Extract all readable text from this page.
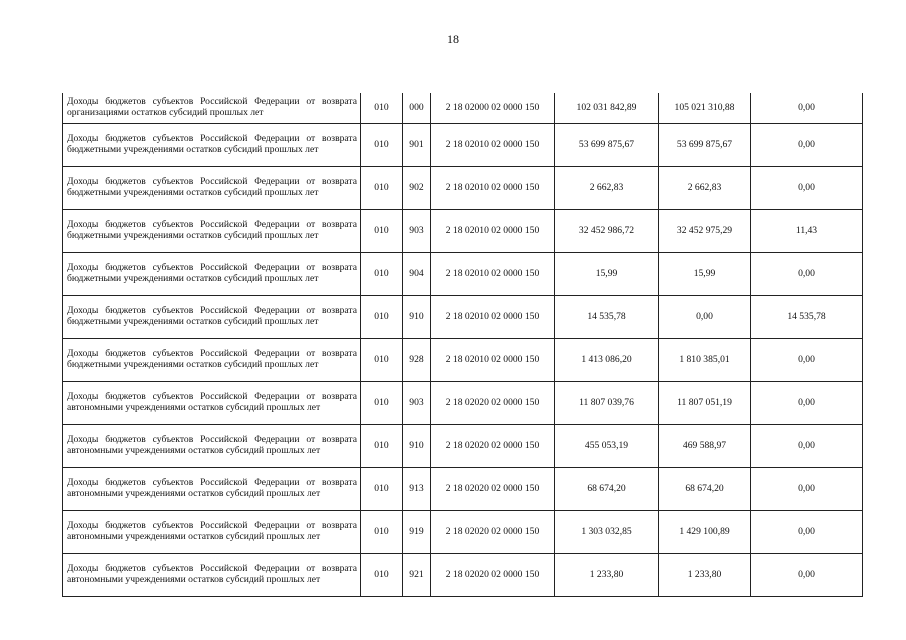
18
Доходы бюджетов субъектов Российской Федерации от возврата организациями остатков субсидий прошлых лет	010	000	2 18 02000 02 0000 150	102 031 842,89	105 021 310,88	0,00
Доходы бюджетов субъектов Российской Федерации от возврата бюджетными учреждениями остатков субсидий прошлых лет	010	901	2 18 02010 02 0000 150	53 699 875,67	53 699 875,67	0,00
Доходы бюджетов субъектов Российской Федерации от возврата бюджетными учреждениями остатков субсидий прошлых лет	010	902	2 18 02010 02 0000 150	2 662,83	2 662,83	0,00
Доходы бюджетов субъектов Российской Федерации от возврата бюджетными учреждениями остатков субсидий прошлых лет	010	903	2 18 02010 02 0000 150	32 452 986,72	32 452 975,29	11,43
Доходы бюджетов субъектов Российской Федерации от возврата бюджетными учреждениями остатков субсидий прошлых лет	010	904	2 18 02010 02 0000 150	15,99	15,99	0,00
Доходы бюджетов субъектов Российской Федерации от возврата бюджетными учреждениями остатков субсидий прошлых лет	010	910	2 18 02010 02 0000 150	14 535,78	0,00	14 535,78
Доходы бюджетов субъектов Российской Федерации от возврата бюджетными учреждениями остатков субсидий прошлых лет	010	928	2 18 02010 02 0000 150	1 413 086,20	1 810 385,01	0,00
Доходы бюджетов субъектов Российской Федерации от возврата автономными учреждениями остатков субсидий прошлых лет	010	903	2 18 02020 02 0000 150	11 807 039,76	11 807 051,19	0,00
Доходы бюджетов субъектов Российской Федерации от возврата автономными учреждениями остатков субсидий прошлых лет	010	910	2 18 02020 02 0000 150	455 053,19	469 588,97	0,00
Доходы бюджетов субъектов Российской Федерации от возврата автономными учреждениями остатков субсидий прошлых лет	010	913	2 18 02020 02 0000 150	68 674,20	68 674,20	0,00
Доходы бюджетов субъектов Российской Федерации от возврата автономными учреждениями остатков субсидий прошлых лет	010	919	2 18 02020 02 0000 150	1 303 032,85	1 429 100,89	0,00
Доходы бюджетов субъектов Российской Федерации от возврата автономными учреждениями остатков субсидий прошлых лет	010	921	2 18 02020 02 0000 150	1 233,80	1 233,80	0,00
